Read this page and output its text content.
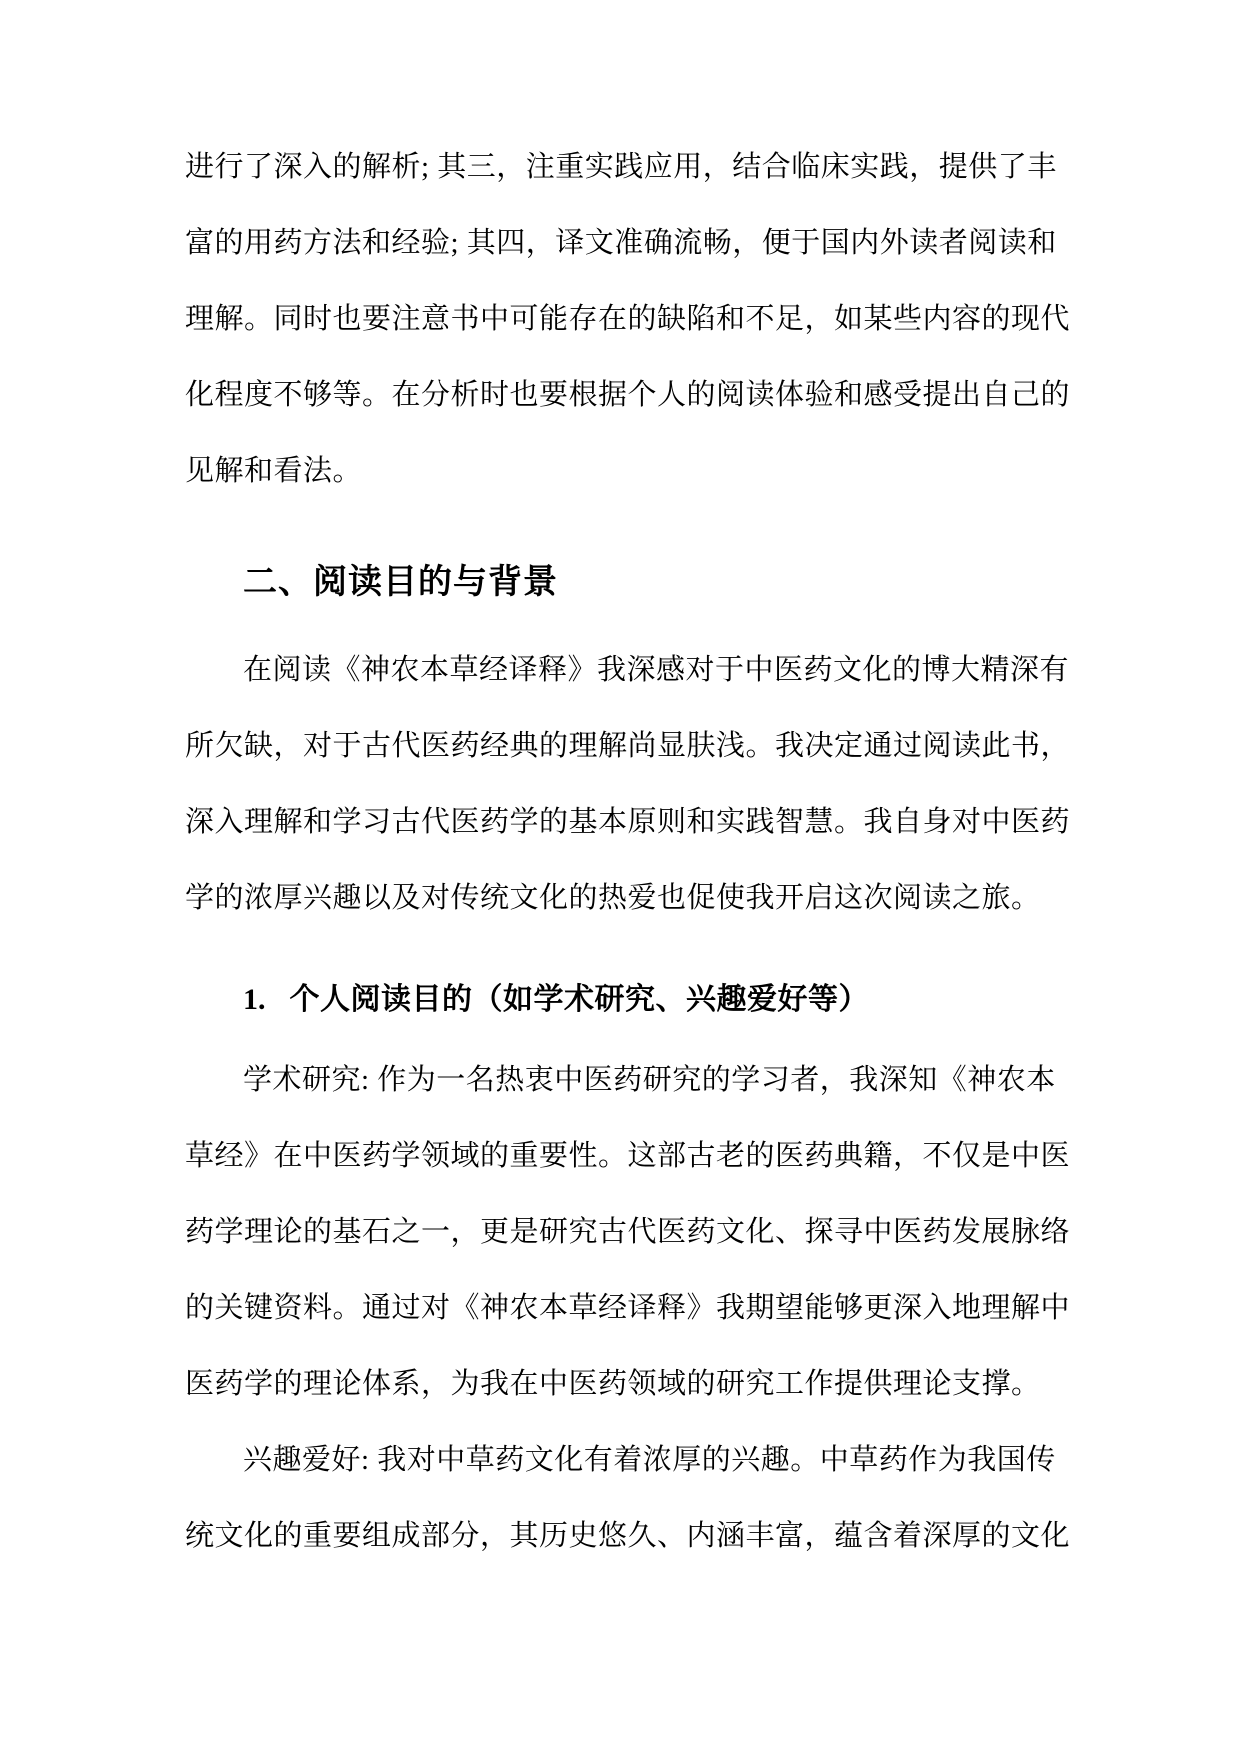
进行了深入的解析; 其三，注重实践应用，结合临床实践，提供了丰
富的用药方法和经验; 其四，译文准确流畅，便于国内外读者阅读和
理解。同时也要注意书中可能存在的缺陷和不足，如某些内容的现代
化程度不够等。在分析时也要根据个人的阅读体验和感受提出自己的
见解和看法。
二、阅读目的与背景
在阅读《神农本草经译释》我深感对于中医药文化的博大精深有
所欠缺，对于古代医药经典的理解尚显肤浅。我决定通过阅读此书，
深入理解和学习古代医药学的基本原则和实践智慧。我自身对中医药
学的浓厚兴趣以及对传统文化的热爱也促使我开启这次阅读之旅。
1. 个人阅读目的（如学术研究、兴趣爱好等）
学术研究: 作为一名热衷中医药研究的学习者，我深知《神农本
草经》在中医药学领域的重要性。这部古老的医药典籍，不仅是中医
药学理论的基石之一，更是研究古代医药文化、探寻中医药发展脉络
的关键资料。通过对《神农本草经译释》我期望能够更深入地理解中
医药学的理论体系，为我在中医药领域的研究工作提供理论支撑。
兴趣爱好: 我对中草药文化有着浓厚的兴趣。中草药作为我国传
统文化的重要组成部分，其历史悠久、内涵丰富，蕴含着深厚的文化
